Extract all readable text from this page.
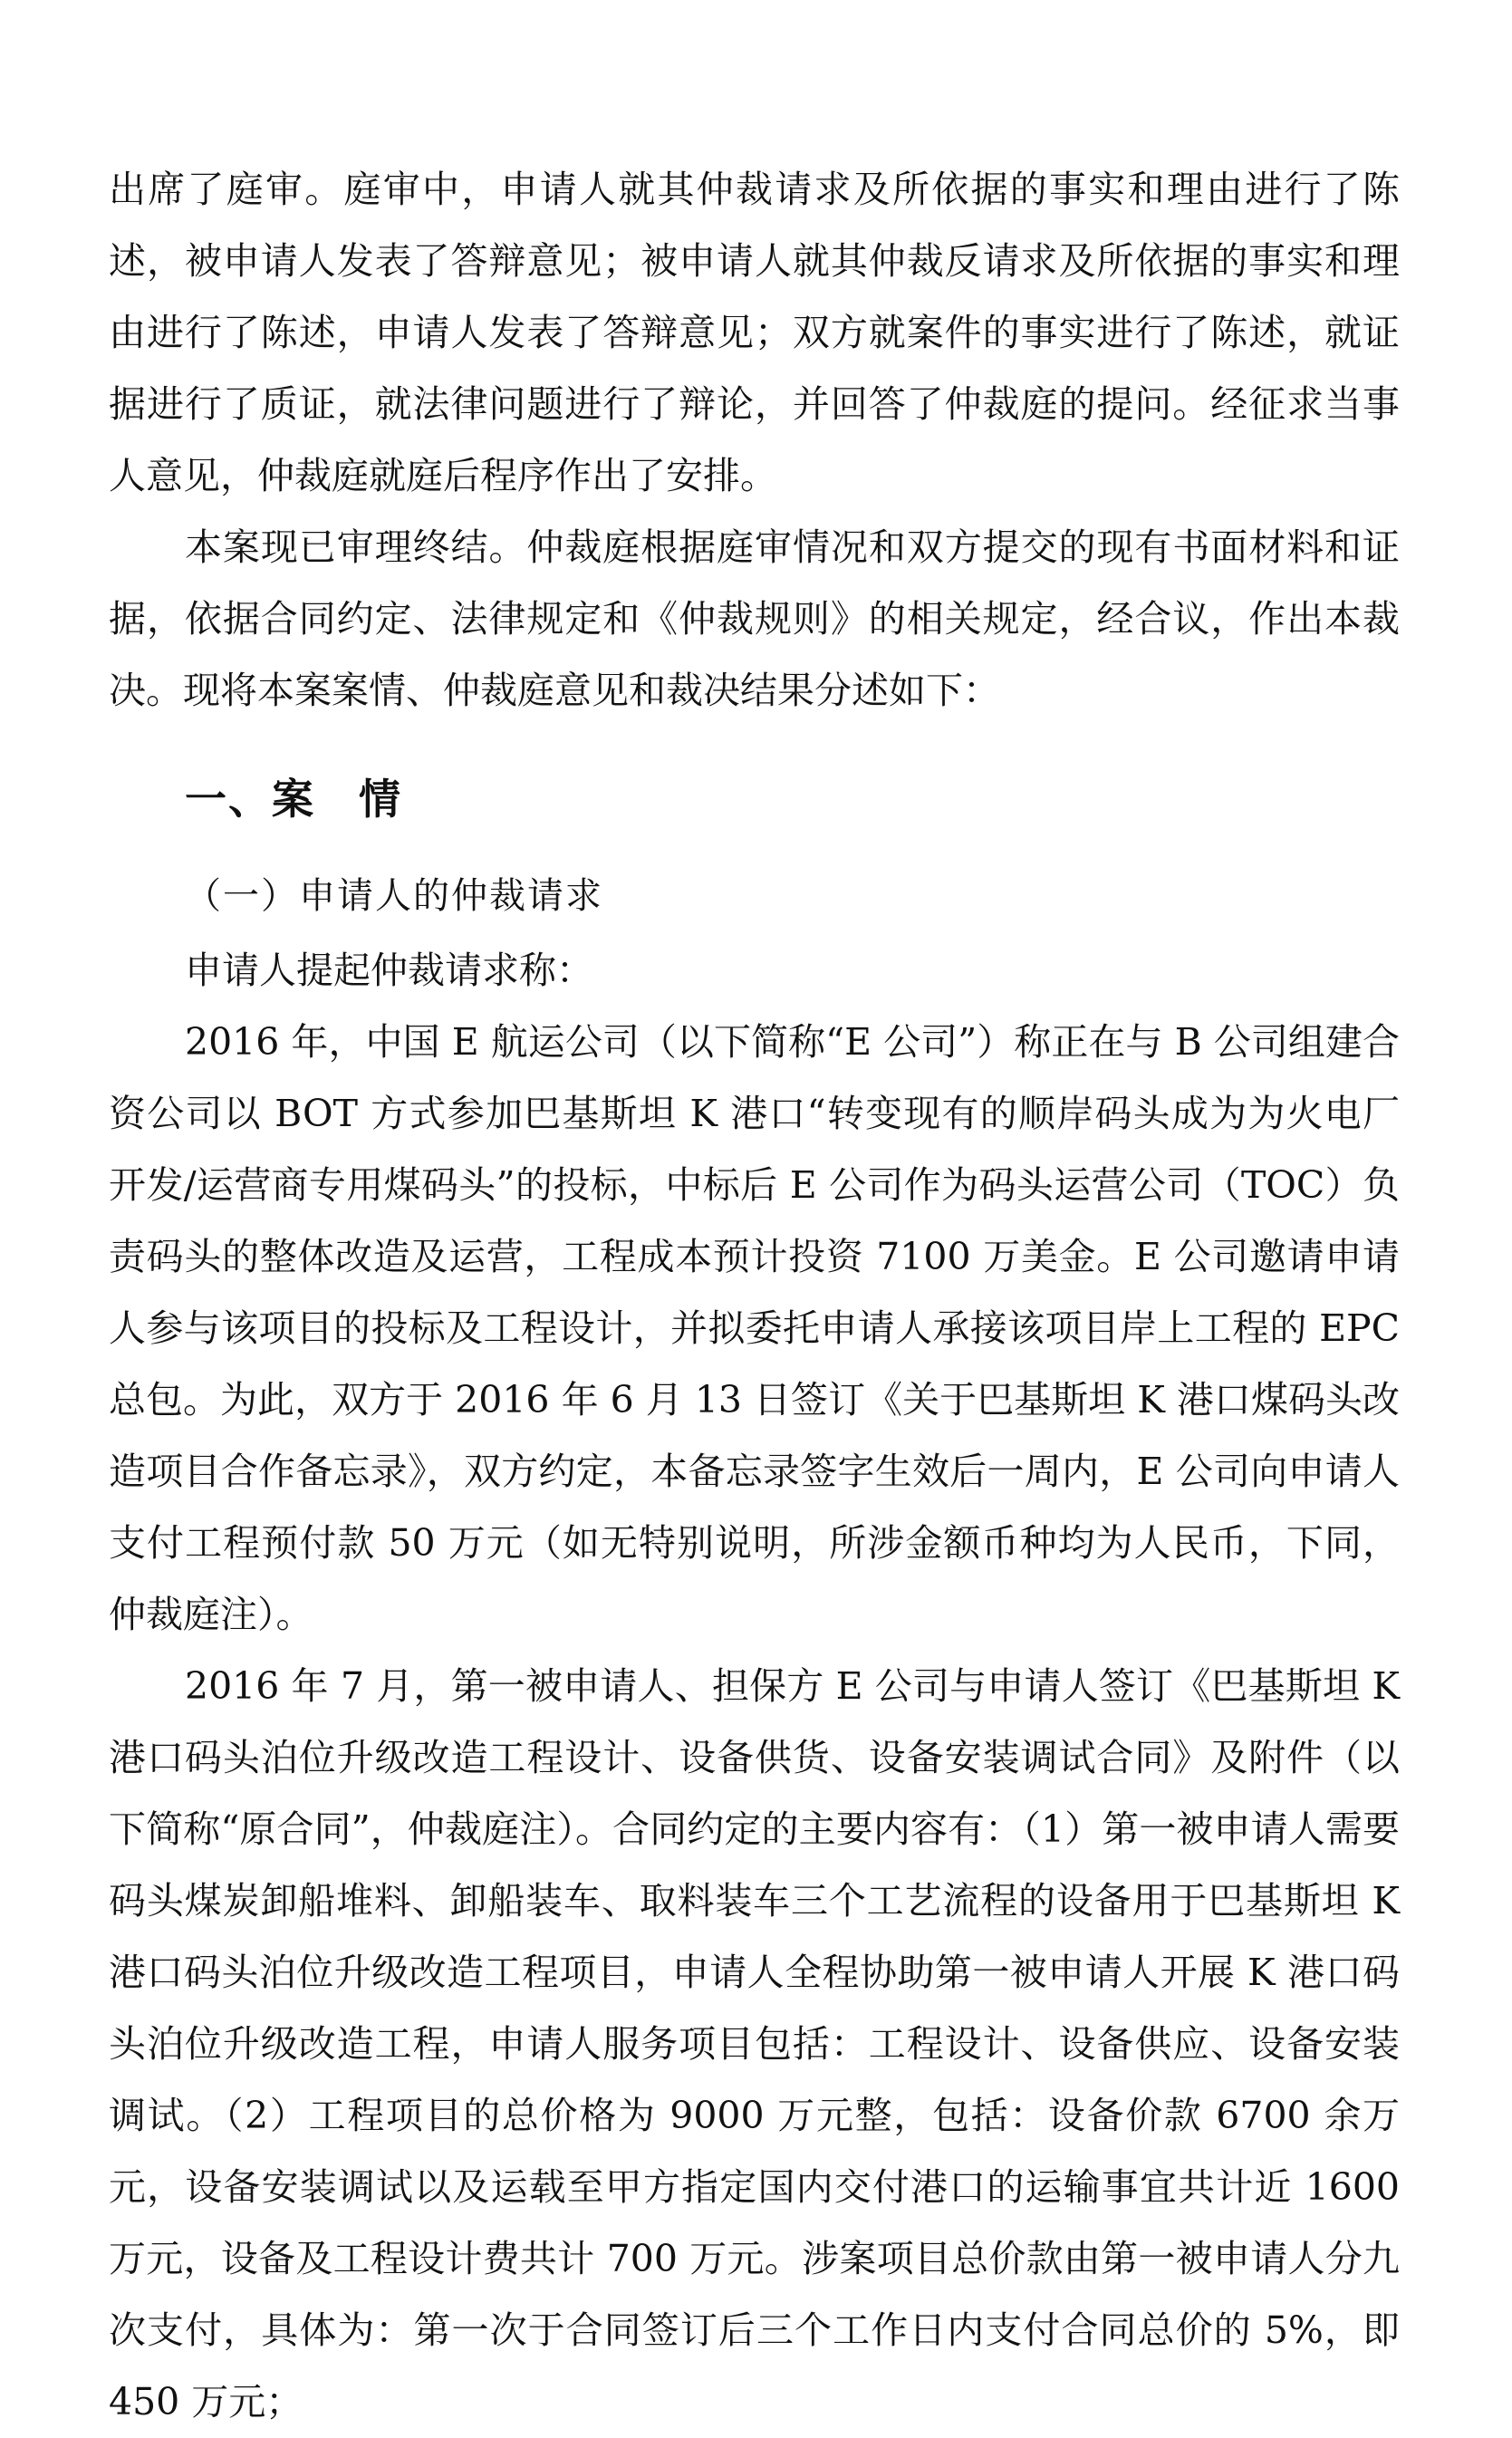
出席了庭审。庭审中，申请人就其仲裁请求及所依据的事实和理由进行了陈述，被申请人发表了答辩意见；被申请人就其仲裁反请求及所依据的事实和理由进行了陈述，申请人发表了答辩意见；双方就案件的事实进行了陈述，就证据进行了质证，就法律问题进行了辩论，并回答了仲裁庭的提问。经征求当事人意见，仲裁庭就庭后程序作出了安排。

本案现已审理终结。仲裁庭根据庭审情况和双方提交的现有书面材料和证据，依据合同约定、法律规定和《仲裁规则》的相关规定，经合议，作出本裁决。现将本案案情、仲裁庭意见和裁决结果分述如下：

一、案　情
（一）申请人的仲裁请求

申请人提起仲裁请求称：

2016 年，中国 E 航运公司（以下简称“E 公司”）称正在与 B 公司组建合资公司以 BOT 方式参加巴基斯坦 K 港口“转变现有的顺岸码头成为为火电厂开发/运营商专用煤码头”的投标，中标后 E 公司作为码头运营公司（TOC）负责码头的整体改造及运营，工程成本预计投资 7100 万美金。E 公司邀请申请人参与该项目的投标及工程设计，并拟委托申请人承接该项目岸上工程的 EPC 总包。为此，双方于 2016 年 6 月 13 日签订《关于巴基斯坦 K 港口煤码头改造项目合作备忘录》，双方约定，本备忘录签字生效后一周内，E 公司向申请人支付工程预付款 50 万元（如无特别说明，所涉金额币种均为人民币，下同，仲裁庭注）。

2016 年 7 月，第一被申请人、担保方 E 公司与申请人签订《巴基斯坦 K 港口码头泊位升级改造工程设计、设备供货、设备安装调试合同》及附件（以下简称“原合同”，仲裁庭注）。合同约定的主要内容有：（1）第一被申请人需要码头煤炭卸船堆料、卸船装车、取料装车三个工艺流程的设备用于巴基斯坦 K 港口码头泊位升级改造工程项目，申请人全程协助第一被申请人开展 K 港口码头泊位升级改造工程，申请人服务项目包括：工程设计、设备供应、设备安装调试。（2）工程项目的总价格为 9000 万元整，包括：设备价款 6700 余万元，设备安装调试以及运载至甲方指定国内交付港口的运输事宜共计近 1600 万元，设备及工程设计费共计 700 万元。涉案项目总价款由第一被申请人分九次支付，具体为：第一次于合同签订后三个工作日内支付合同总价的 5%，即 450 万元；
